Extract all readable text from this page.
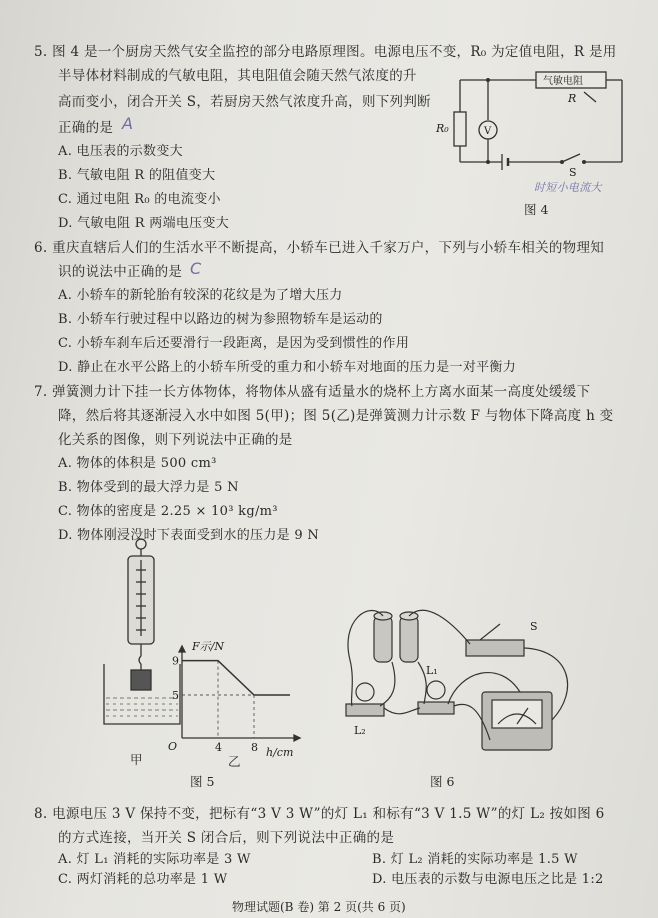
5. 图 4 是一个厨房天然气安全监控的部分电路原理图。电源电压不变，R₀ 为定值电阻，R 是用
半导体材料制成的气敏电阻，其电阻值会随天然气浓度的升
高而变小，闭合开关 S，若厨房天然气浓度升高，则下列判断
正确的是 A
A. 电压表的示数变大
B. 气敏电阻 R 的阻值变大
C. 通过电阻 R₀ 的电流变小
D. 气敏电阻 R 两端电压变大
气敏电阻
R
R₀	V
S
时短小电流大
图 4
6. 重庆直辖后人们的生活水平不断提高，小轿车已进入千家万户，下列与小轿车相关的物理知
识的说法中正确的是 C
A. 小轿车的新轮胎有较深的花纹是为了增大压力
B. 小轿车行驶过程中以路边的树为参照物轿车是运动的
C. 小轿车刹车后还要滑行一段距离，是因为受到惯性的作用
D. 静止在水平公路上的小轿车所受的重力和小轿车对地面的压力是一对平衡力
7. 弹簧测力计下挂一长方体物体，将物体从盛有适量水的烧杯上方离水面某一高度处缓缓下
降，然后将其逐渐浸入水中如图 5(甲)；图 5(乙)是弹簧测力计示数 F 与物体下降高度 h 变
化关系的图像，则下列说法中正确的是
A. 物体的体积是 500 cm³
B. 物体受到的最大浮力是 5 N
C. 物体的密度是 2.25 × 10³ kg/m³
D. 物体刚浸没时下表面受到水的压力是 9 N
甲
F示/N
h/cm
O
9
5
4	8
乙
图 5
S
L₁
L₂
图 6
8. 电源电压 3 V 保持不变，把标有“3 V 3 W”的灯 L₁ 和标有“3 V 1.5 W”的灯 L₂ 按如图 6
的方式连接，当开关 S 闭合后，则下列说法中正确的是
A. 灯 L₁ 消耗的实际功率是 3 W	B. 灯 L₂ 消耗的实际功率是 1.5 W
C. 两灯消耗的总功率是 1 W	D. 电压表的示数与电源电压之比是 1:2
物理试题(B 卷) 第 2 页(共 6 页)
